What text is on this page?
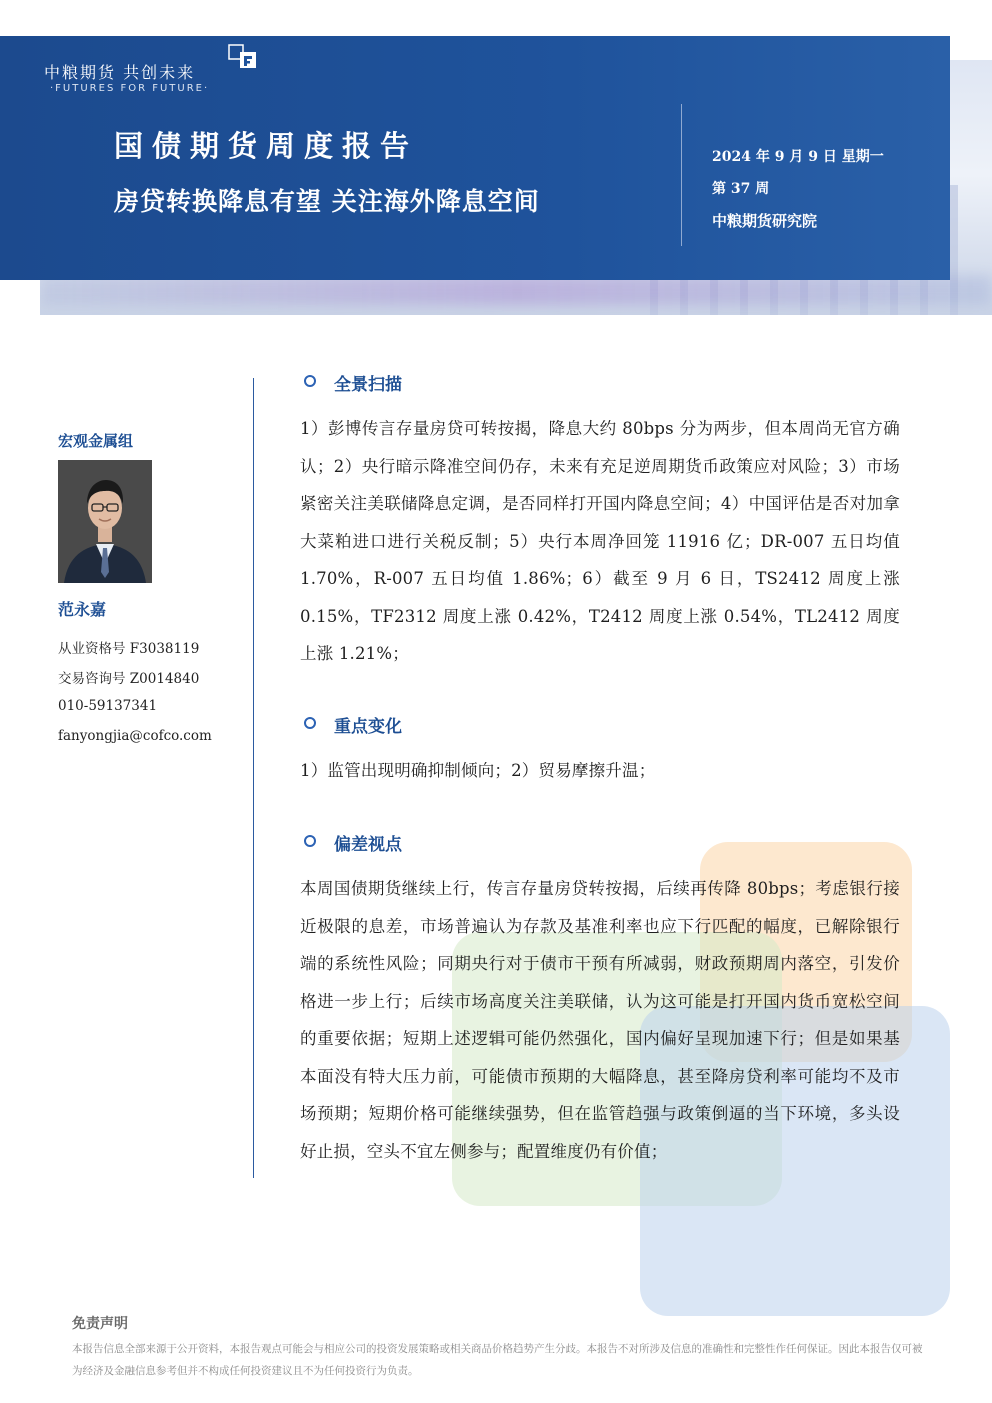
中粮期货 共创未来
·FUTURES FOR FUTURE·
国债期货周度报告
房贷转换降息有望 关注海外降息空间
2024 年 9 月 9 日 星期一
第 37 周
中粮期货研究院
宏观金属组
范永嘉
从业资格号 F3038119
交易咨询号 Z0014840
010-59137341
fanyongjia@cofco.com
全景扫描
1）彭博传言存量房贷可转按揭，降息大约 80bps 分为两步，但本周尚无官方确认；2）央行暗示降准空间仍存，未来有充足逆周期货币政策应对风险；3）市场紧密关注美联储降息定调，是否同样打开国内降息空间；4）中国评估是否对加拿大菜粕进口进行关税反制；5）央行本周净回笼 11916 亿；DR-007 五日均值 1.70%，R-007 五日均值 1.86%；6）截至 9 月 6 日，TS2412 周度上涨 0.15%，TF2312 周度上涨 0.42%，T2412 周度上涨 0.54%，TL2412 周度上涨 1.21%；
重点变化
1）监管出现明确抑制倾向；2）贸易摩擦升温；
偏差视点
本周国债期货继续上行，传言存量房贷转按揭，后续再传降 80bps；考虑银行接近极限的息差，市场普遍认为存款及基准利率也应下行匹配的幅度，已解除银行端的系统性风险；同期央行对于债市干预有所减弱，财政预期周内落空，引发价格进一步上行；后续市场高度关注美联储，认为这可能是打开国内货币宽松空间的重要依据；短期上述逻辑可能仍然强化，国内偏好呈现加速下行；但是如果基本面没有特大压力前，可能债市预期的大幅降息，甚至降房贷利率可能均不及市场预期；短期价格可能继续强势，但在监管趋强与政策倒逼的当下环境，多头设好止损，空头不宜左侧参与；配置维度仍有价值；
免责声明
本报告信息全部来源于公开资料，本报告观点可能会与相应公司的投资发展策略或相关商品价格趋势产生分歧。本报告不对所涉及信息的准确性和完整性作任何保证。因此本报告仅可被为经济及金融信息参考但并不构成任何投资建议且不为任何投资行为负责。
